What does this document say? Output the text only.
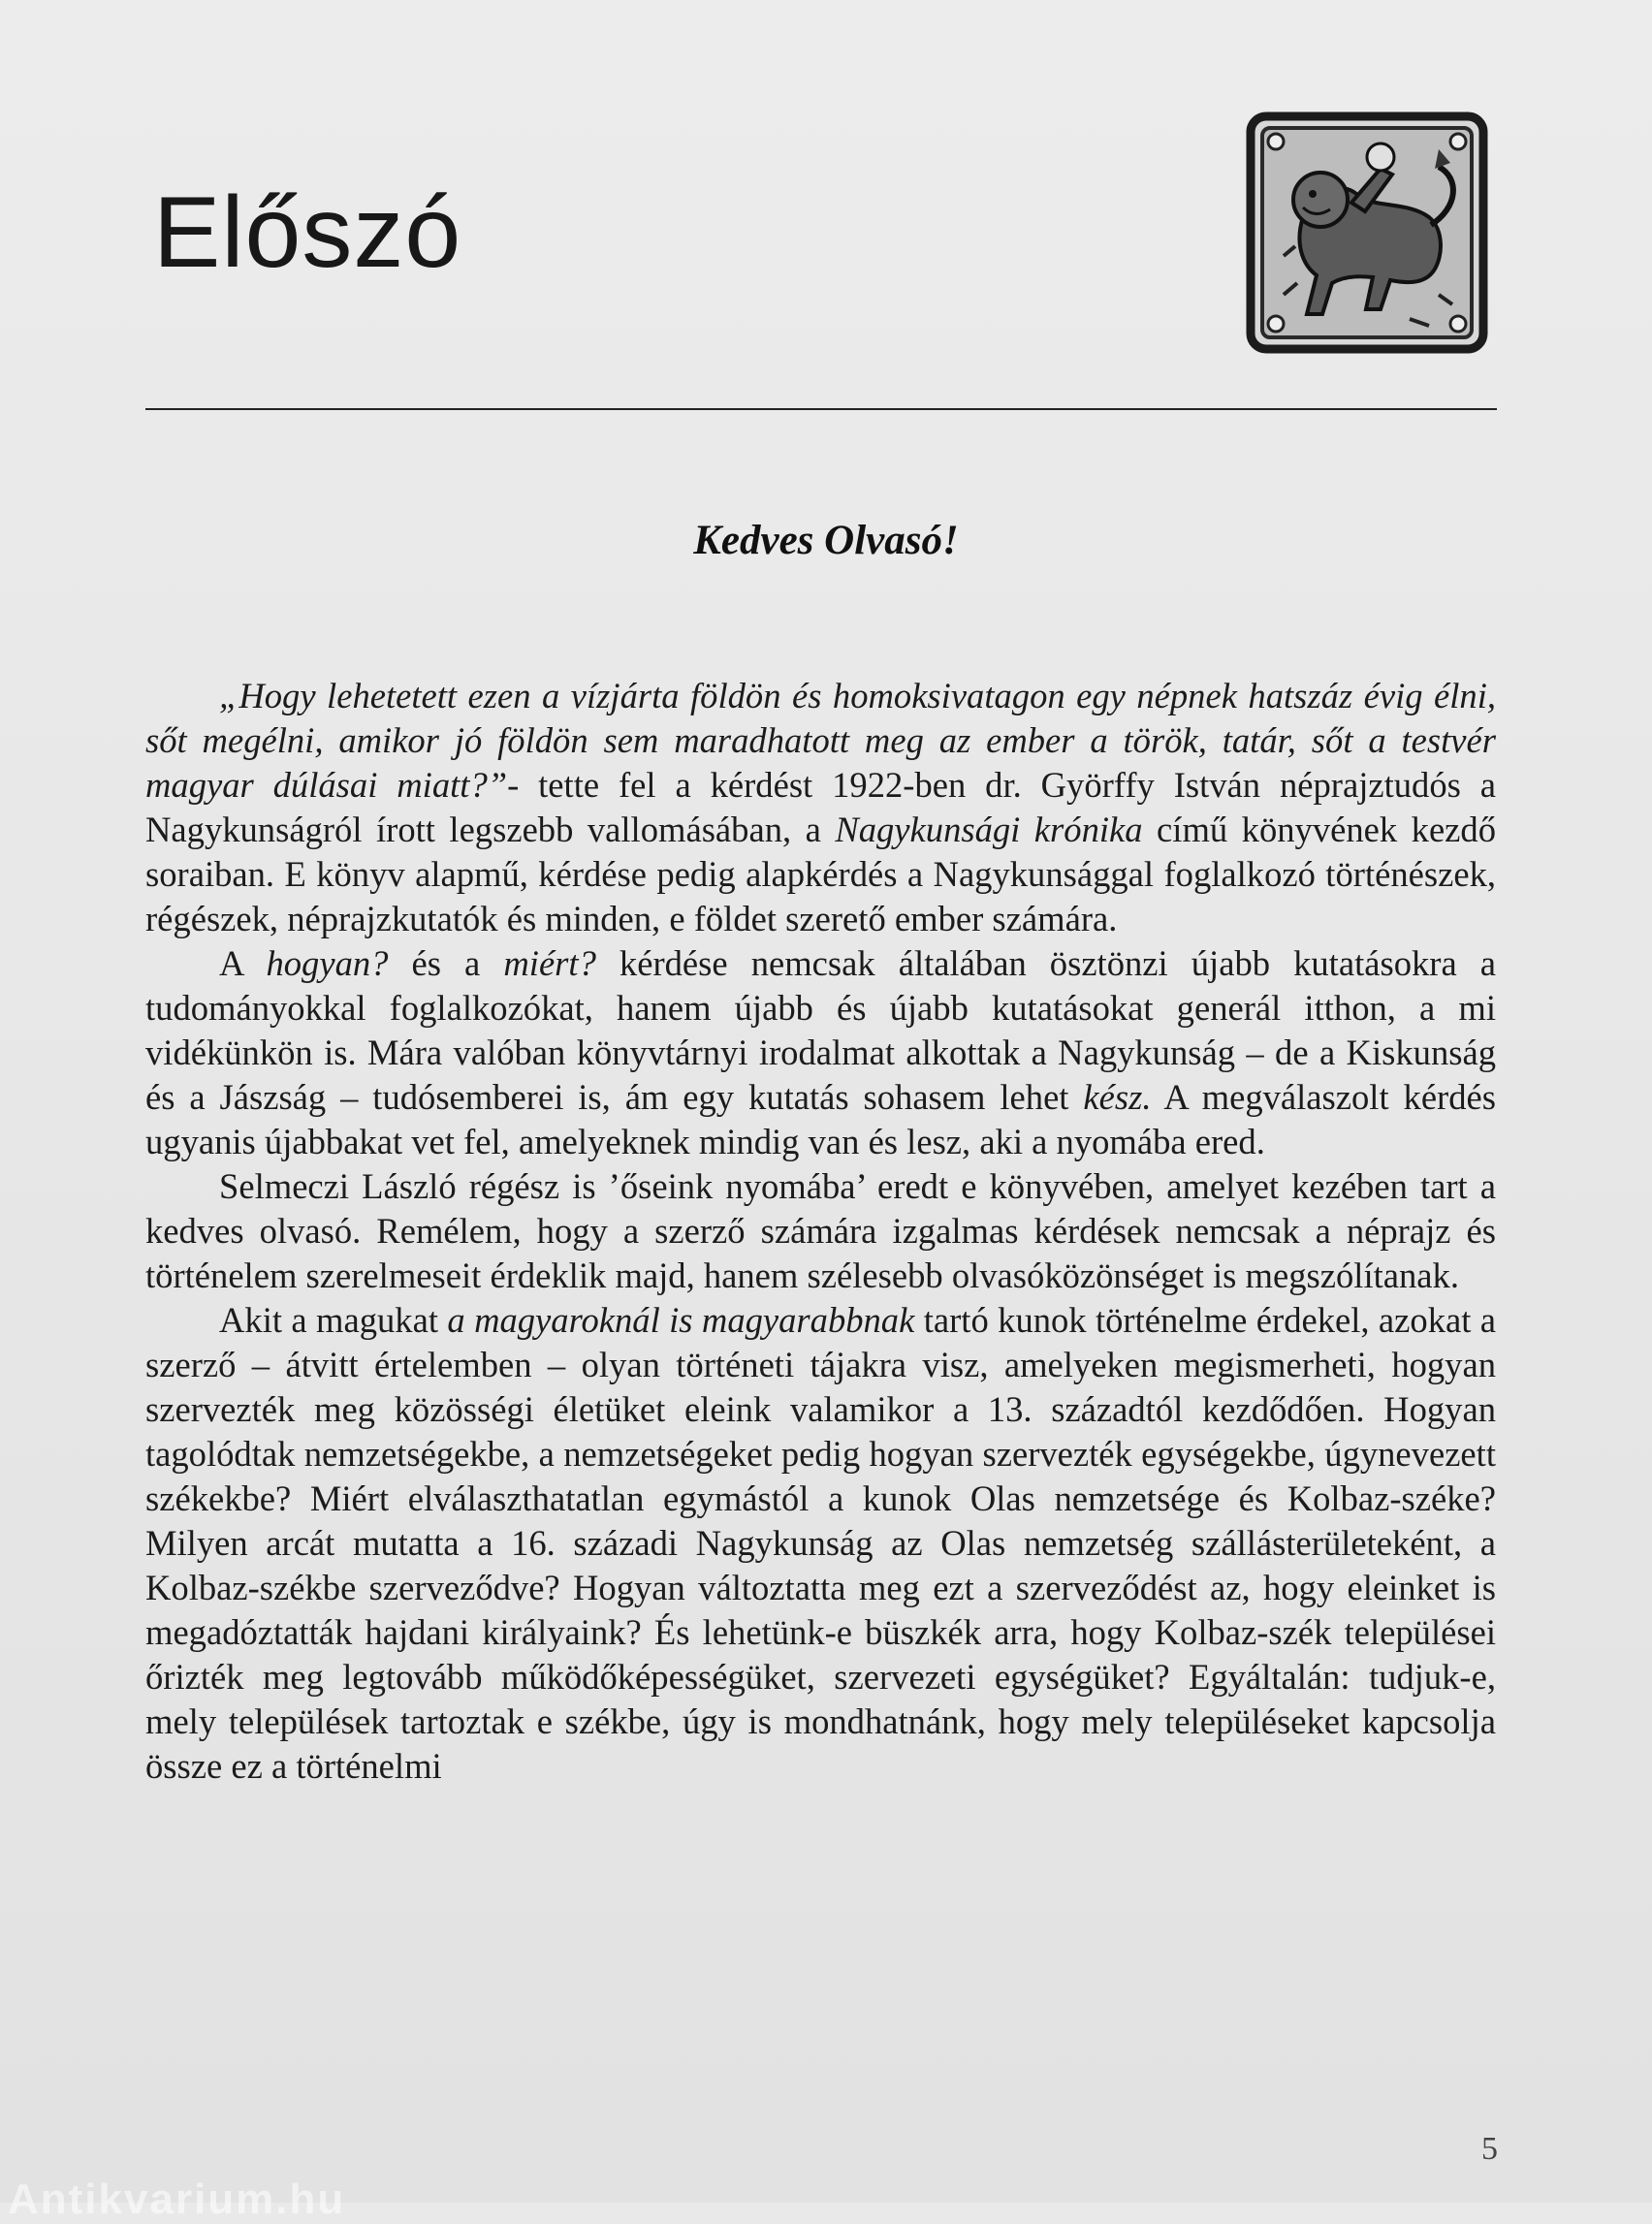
Előszó
Kedves Olvasó!

„Hogy lehetetett ezen a vízjárta földön és homoksivatagon egy népnek hatszáz évig élni, sőt megélni, amikor jó földön sem maradhatott meg az ember a török, tatár, sőt a testvér magyar dúlásai miatt?”- tette fel a kérdést 1922-ben dr. Györffy István néprajztudós a Nagykunságról írott legszebb vallomásában, a Nagykunsági krónika című könyvének kezdő soraiban. E könyv alapmű, kérdése pedig alapkérdés a Nagykunsággal foglalkozó történészek, régészek, néprajzkutatók és minden, e földet szerető ember számára.

A hogyan? és a miért? kérdése nemcsak általában ösztönzi újabb kutatásokra a tudományokkal foglalkozókat, hanem újabb és újabb kutatásokat generál itthon, a mi vidékünkön is. Mára valóban könyvtárnyi irodalmat alkottak a Nagykunság – de a Kiskunság és a Jászság – tudósemberei is, ám egy kutatás sohasem lehet kész. A megválaszolt kérdés ugyanis újabbakat vet fel, amelyeknek mindig van és lesz, aki a nyomába ered.

Selmeczi László régész is ’őseink nyomába’ eredt e könyvében, amelyet kezében tart a kedves olvasó. Remélem, hogy a szerző számára izgalmas kérdések nemcsak a néprajz és történelem szerelmeseit érdeklik majd, hanem szélesebb olvasóközönséget is megszólítanak.

Akit a magukat a magyaroknál is magyarabbnak tartó kunok történelme érdekel, azokat a szerző – átvitt értelemben – olyan történeti tájakra visz, amelyeken megismerheti, hogyan szervezték meg közösségi életüket eleink valamikor a 13. századtól kezdődően. Hogyan tagolódtak nemzetségekbe, a nemzetségeket pedig hogyan szervezték egységekbe, úgynevezett székekbe? Miért elválaszthatatlan egymástól a kunok Olas nemzetsége és Kolbaz-széke? Milyen arcát mutatta a 16. századi Nagykunság az Olas nemzetség szállásterületeként, a Kolbaz-székbe szerveződve? Hogyan változtatta meg ezt a szerveződést az, hogy eleinket is megadóztatták hajdani királyaink? És lehetünk-e büszkék arra, hogy Kolbaz-szék települései őrizték meg legtovább működőképességüket, szervezeti egységüket? Egyáltalán: tudjuk-e, mely települések tartoztak e székbe, úgy is mondhatnánk, hogy mely településeket kapcsolja össze ez a történelmi

5
Antikvarium.hu
